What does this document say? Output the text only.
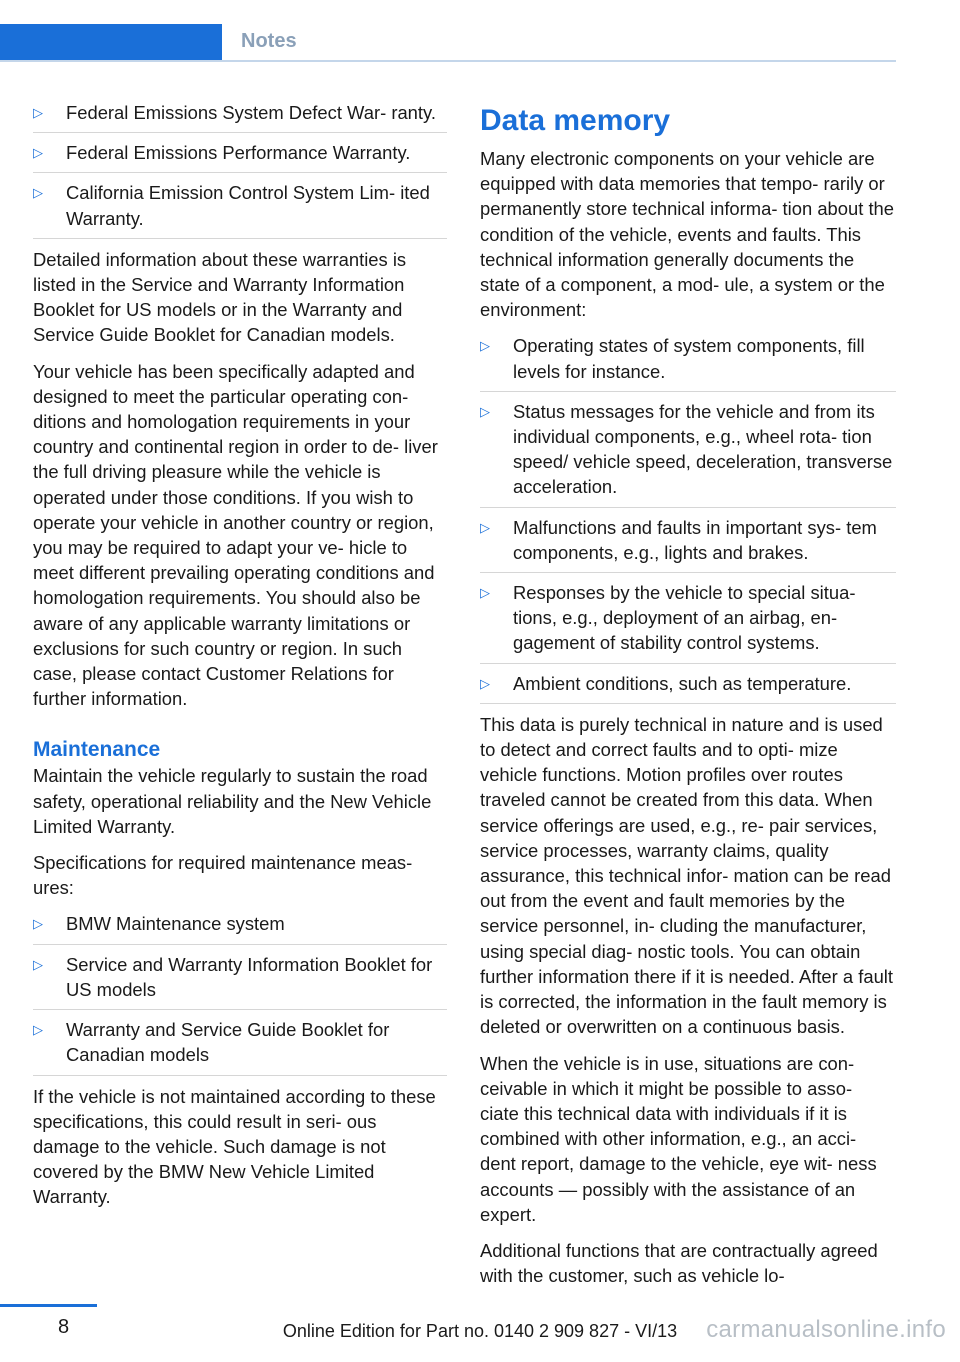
Notes
▷
Federal Emissions System Defect War‐ ranty.
▷
Federal Emissions Performance Warranty.
▷
California Emission Control System Lim‐ ited Warranty.

Detailed information about these warranties is listed in the Service and Warranty Information Booklet for US models or in the Warranty and Service Guide Booklet for Canadian models.

Your vehicle has been specifically adapted and designed to meet the particular operating con‐ ditions and homologation requirements in your country and continental region in order to de‐ liver the full driving pleasure while the vehicle is operated under those conditions. If you wish to operate your vehicle in another country or region, you may be required to adapt your ve‐ hicle to meet different prevailing operating conditions and homologation requirements. You should also be aware of any applicable warranty limitations or exclusions for such country or region. In such case, please contact Customer Relations for further information.

Maintenance

Maintain the vehicle regularly to sustain the road safety, operational reliability and the New Vehicle Limited Warranty.

Specifications for required maintenance meas‐ ures:

▷
BMW Maintenance system
▷
Service and Warranty Information Booklet for US models
▷
Warranty and Service Guide Booklet for Canadian models

If the vehicle is not maintained according to these specifications, this could result in seri‐ ous damage to the vehicle. Such damage is not covered by the BMW New Vehicle Limited Warranty.

Data memory

Many electronic components on your vehicle are equipped with data memories that tempo‐ rarily or permanently store technical informa‐ tion about the condition of the vehicle, events and faults. This technical information generally documents the state of a component, a mod‐ ule, a system or the environment:

▷
Operating states of system components, fill levels for instance.
▷
Status messages for the vehicle and from its individual components, e.g., wheel rota‐ tion speed/ vehicle speed, deceleration, transverse acceleration.
▷
Malfunctions and faults in important sys‐ tem components, e.g., lights and brakes.
▷
Responses by the vehicle to special situa‐ tions, e.g., deployment of an airbag, en‐ gagement of stability control systems.
▷
Ambient conditions, such as temperature.

This data is purely technical in nature and is used to detect and correct faults and to opti‐ mize vehicle functions. Motion profiles over routes traveled cannot be created from this data. When service offerings are used, e.g., re‐ pair services, service processes, warranty claims, quality assurance, this technical infor‐ mation can be read out from the event and fault memories by the service personnel, in‐ cluding the manufacturer, using special diag‐ nostic tools. You can obtain further information there if it is needed. After a fault is corrected, the information in the fault memory is deleted or overwritten on a continuous basis.

When the vehicle is in use, situations are con‐ ceivable in which it might be possible to asso‐ ciate this technical data with individuals if it is combined with other information, e.g., an acci‐ dent report, damage to the vehicle, eye wit‐ ness accounts — possibly with the assistance of an expert.

Additional functions that are contractually agreed with the customer, such as vehicle lo‐

8	Online Edition for Part no. 0140 2 909 827 - VI/13	carmanualsonline.info
